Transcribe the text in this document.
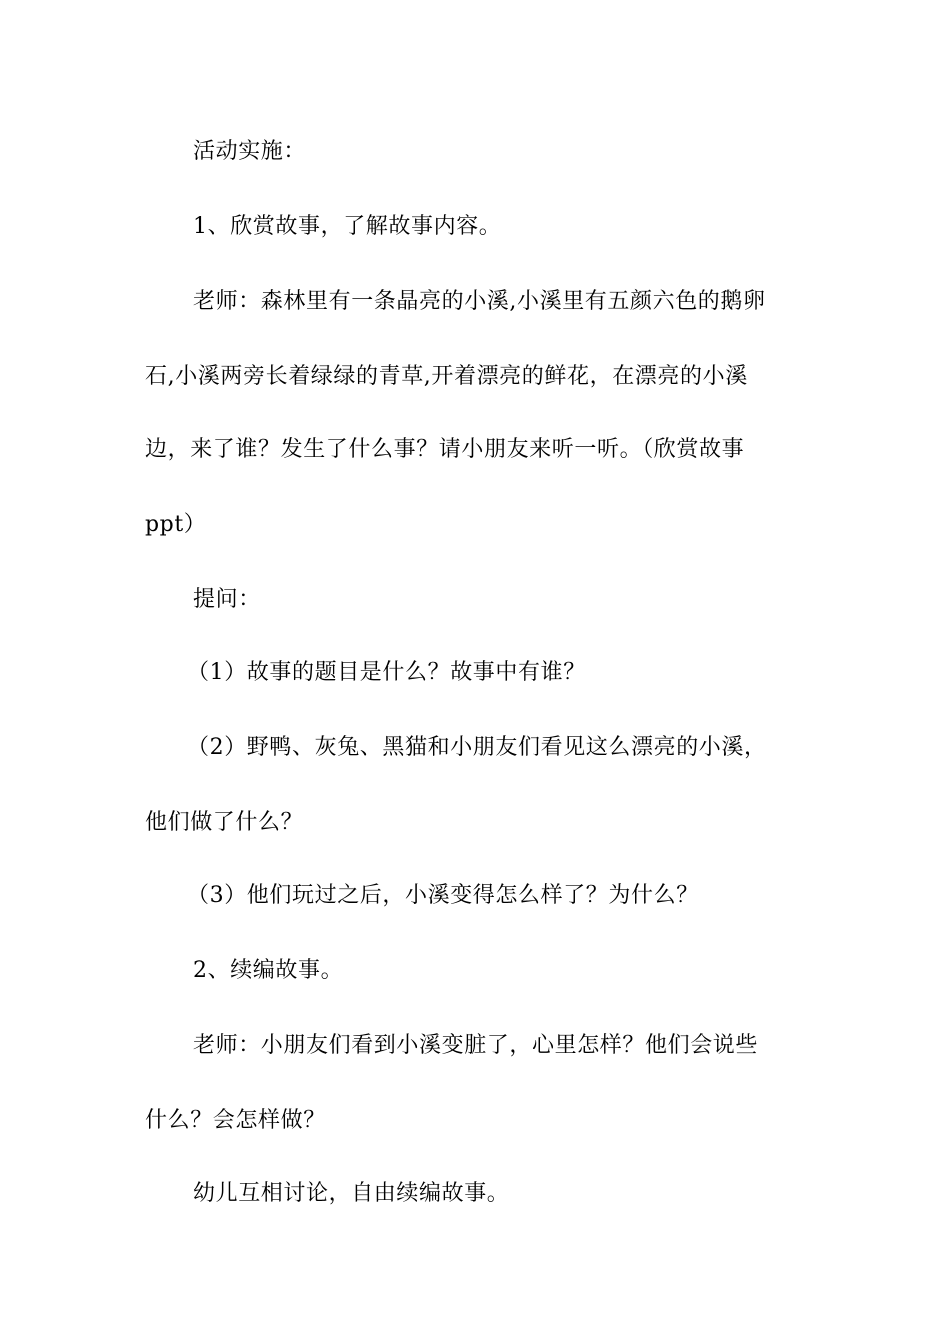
活动实施：
1、欣赏故事，了解故事内容。
老师：森林里有一条晶亮的小溪,小溪里有五颜六色的鹅卵
石,小溪两旁长着绿绿的青草,开着漂亮的鲜花，在漂亮的小溪
边，来了谁？发生了什么事？请小朋友来听一听。（欣赏故事
ppt）
提问：
（1）故事的题目是什么？故事中有谁？
（2）野鸭、灰兔、黑猫和小朋友们看见这么漂亮的小溪，
他们做了什么？
（3）他们玩过之后，小溪变得怎么样了？为什么？
2、续编故事。
老师：小朋友们看到小溪变脏了，心里怎样？他们会说些
什么？会怎样做？
幼儿互相讨论，自由续编故事。
